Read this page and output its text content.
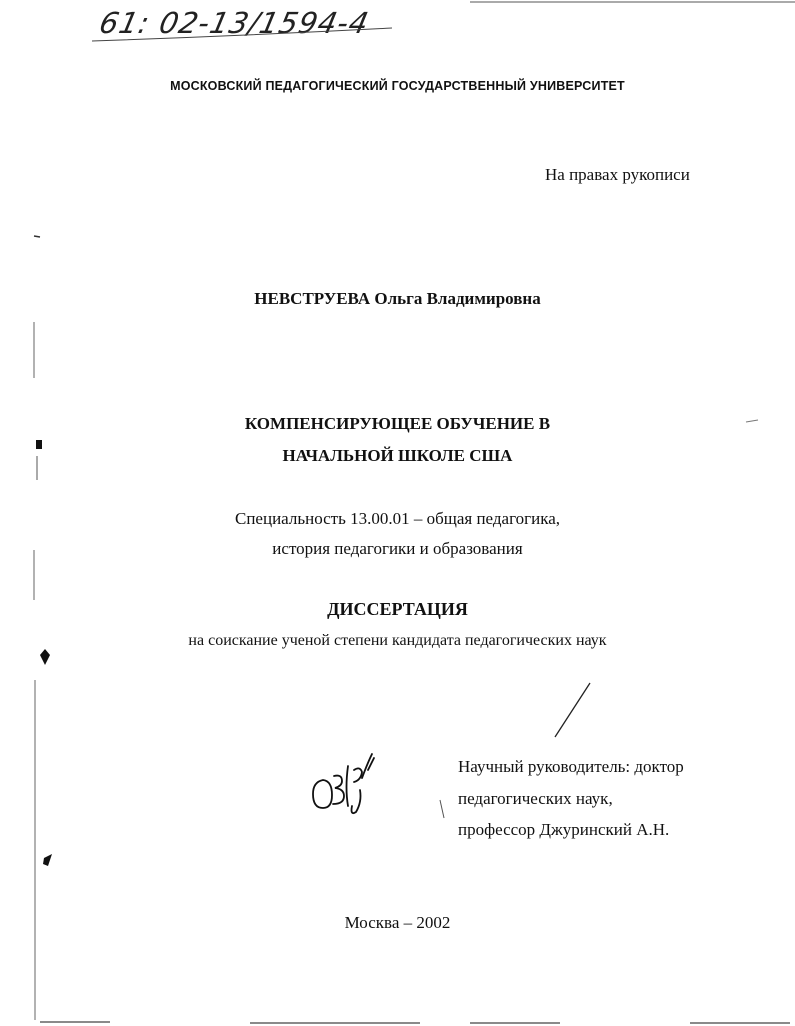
61: 02-13/1594-4
МОСКОВСКИЙ ПЕДАГОГИЧЕСКИЙ ГОСУДАРСТВЕННЫЙ УНИВЕРСИТЕТ
На правах рукописи
НЕВСТРУЕВА Ольга Владимировна
КОМПЕНСИРУЮЩЕЕ ОБУЧЕНИЕ В
НАЧАЛЬНОЙ ШКОЛЕ США
Специальность 13.00.01 – общая педагогика,
история педагогики и образования
ДИССЕРТАЦИЯ
на соискание ученой степени кандидата педагогических наук
Научный руководитель: доктор
педагогических наук,
профессор Джуринский А.Н.
Москва – 2002
